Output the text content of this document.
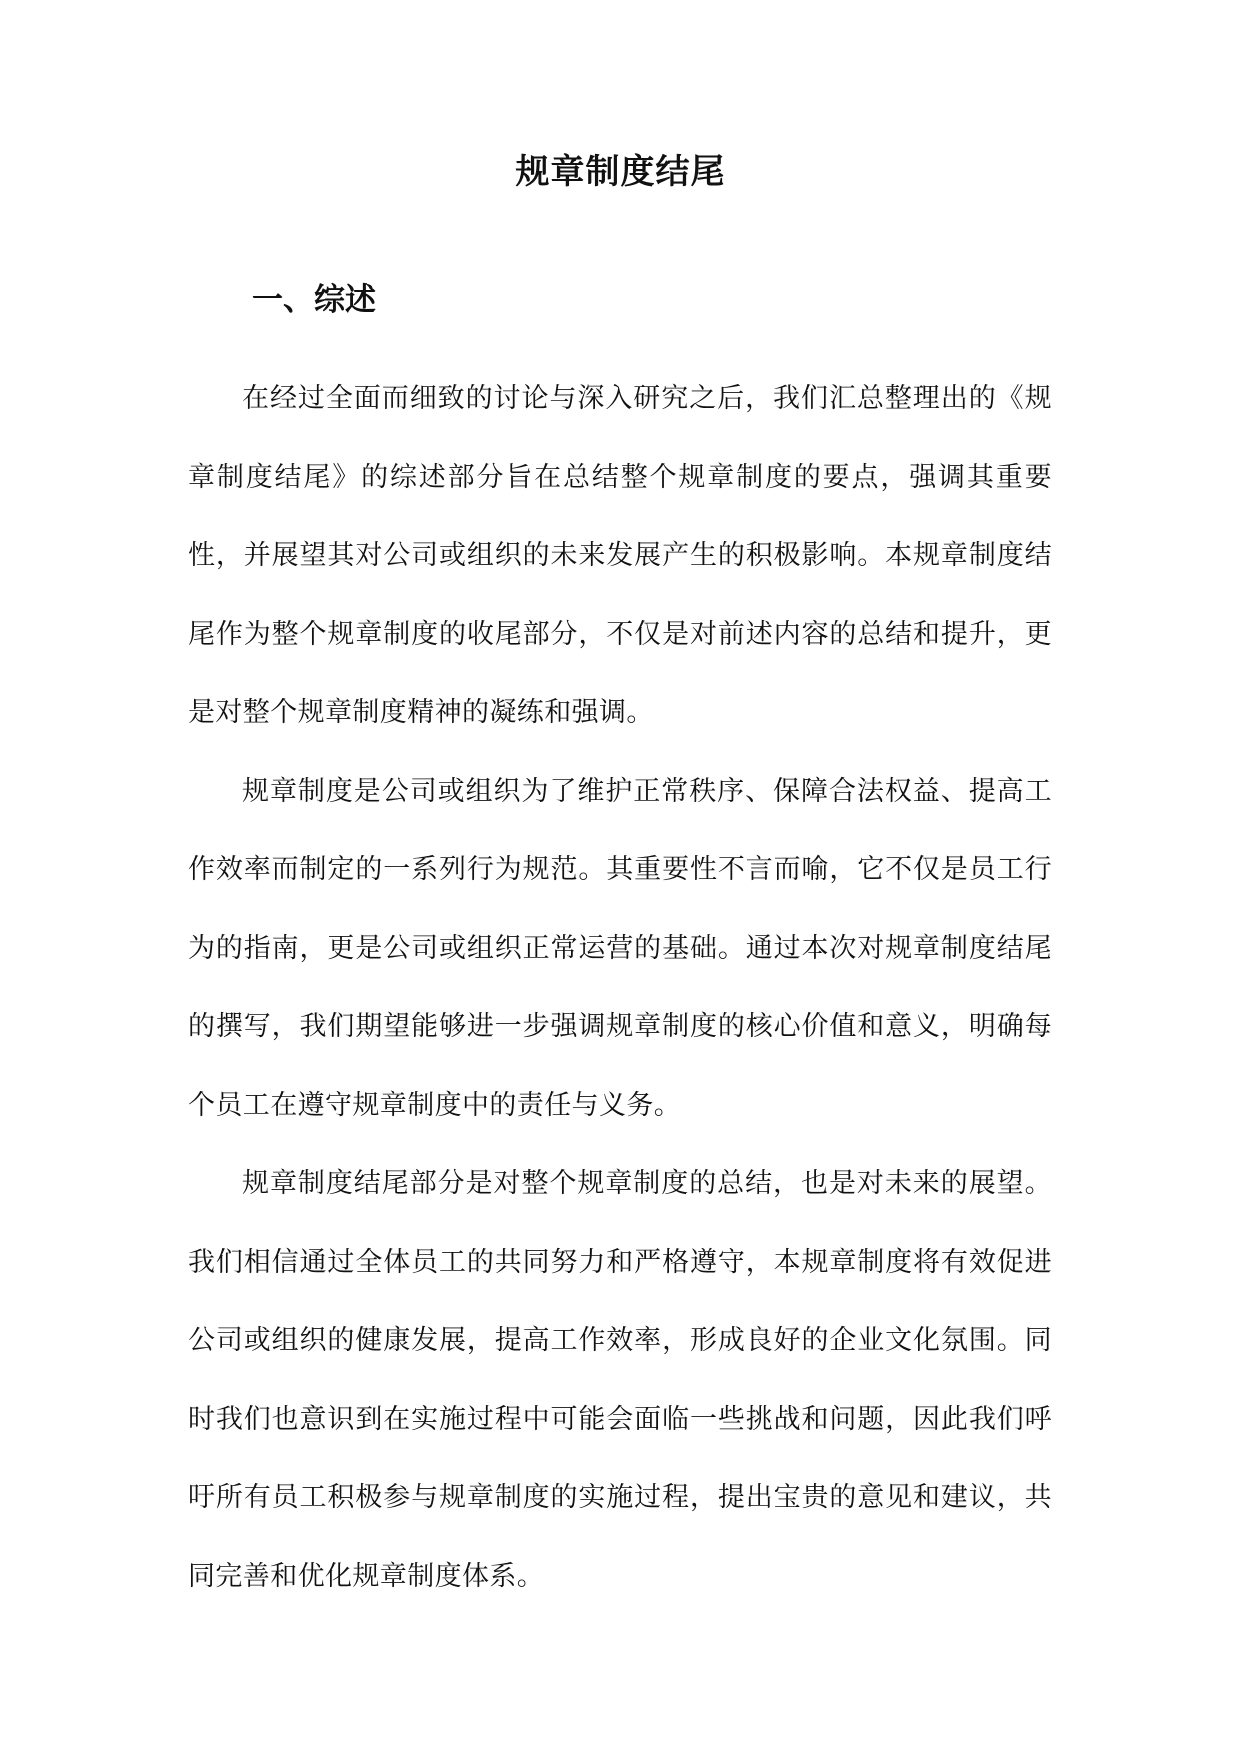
规章制度结尾
一、综述

在经过全面而细致的讨论与深入研究之后，我们汇总整理出的《规章制度结尾》的综述部分旨在总结整个规章制度的要点，强调其重要性，并展望其对公司或组织的未来发展产生的积极影响。本规章制度结尾作为整个规章制度的收尾部分，不仅是对前述内容的总结和提升，更是对整个规章制度精神的凝练和强调。

规章制度是公司或组织为了维护正常秩序、保障合法权益、提高工作效率而制定的一系列行为规范。其重要性不言而喻，它不仅是员工行为的指南，更是公司或组织正常运营的基础。通过本次对规章制度结尾的撰写，我们期望能够进一步强调规章制度的核心价值和意义，明确每个员工在遵守规章制度中的责任与义务。

规章制度结尾部分是对整个规章制度的总结，也是对未来的展望。我们相信通过全体员工的共同努力和严格遵守，本规章制度将有效促进公司或组织的健康发展，提高工作效率，形成良好的企业文化氛围。同时我们也意识到在实施过程中可能会面临一些挑战和问题，因此我们呼吁所有员工积极参与规章制度的实施过程，提出宝贵的意见和建议，共同完善和优化规章制度体系。
